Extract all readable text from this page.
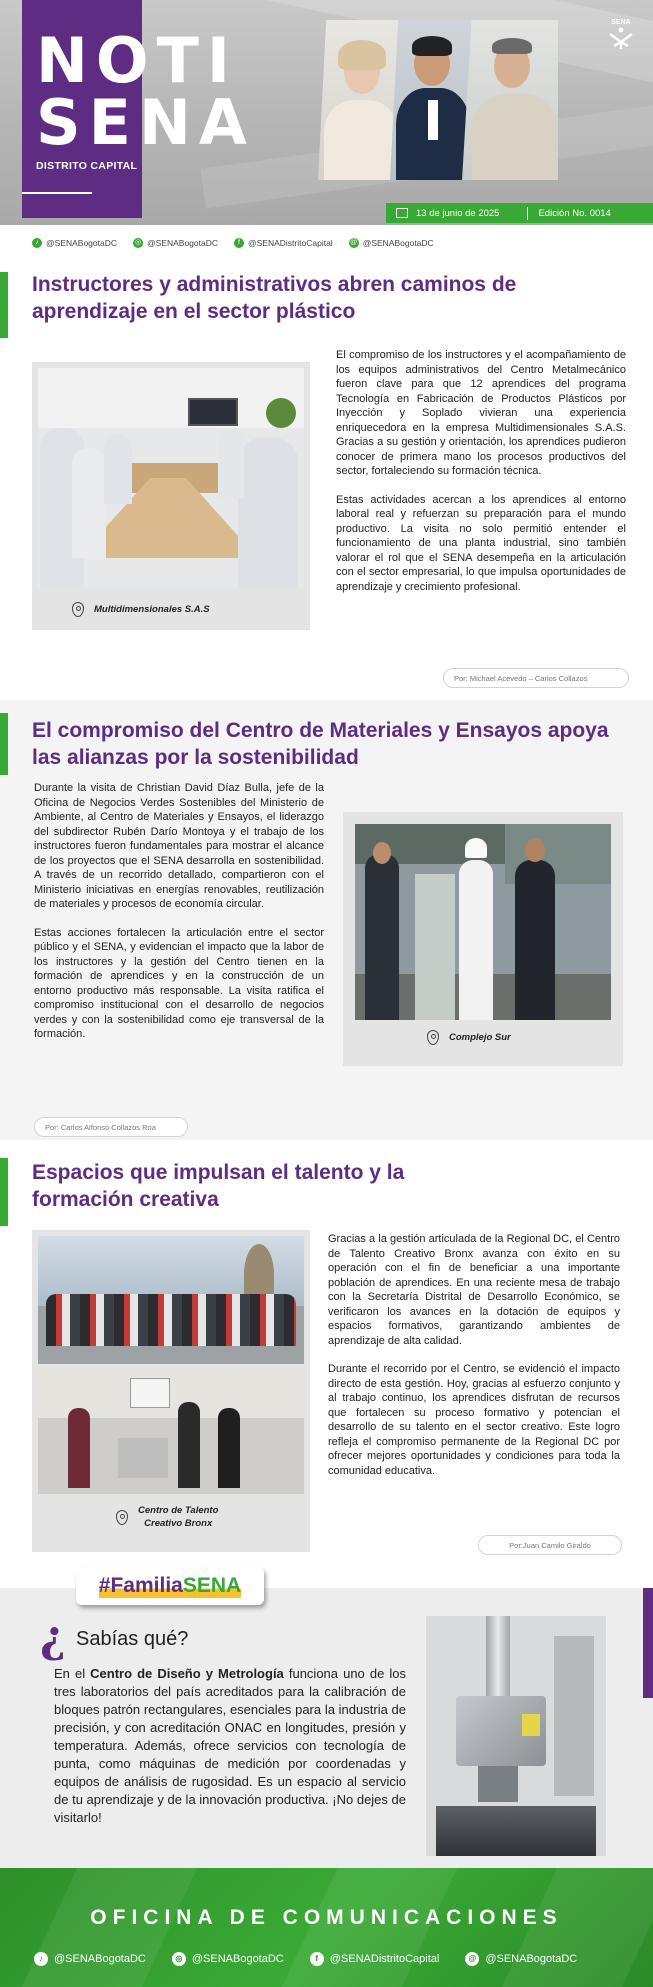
NOTI
SENA
DISTRITO CAPITAL
SENA
13 de junio de 2025	Edición No. 0014
♪ @SENABogotaDC	◎ @SENABogotaDC	f @SENADistritoCapital @ @SENABogotaDC
Instructores y administrativos abren caminos de aprendizaje en el sector plástico
Multidimensionales S.A.S

El compromiso de los instructores y el acompañamiento de los equipos administrativos del Centro Metalmecánico fueron clave para que 12 aprendices del programa Tecnología en Fabricación de Productos Plásticos por Inyección y Soplado vivieran una experiencia enriquecedora en la empresa Multidimensionales S.A.S. Gracias a su gestión y orientación, los aprendices pudieron conocer de primera mano los procesos productivos del sector, fortaleciendo su formación técnica.

Estas actividades acercan a los aprendices al entorno laboral real y refuerzan su preparación para el mundo productivo. La visita no solo permitió entender el funcionamiento de una planta industrial, sino también valorar el rol que el SENA desempeña en la articulación con el sector empresarial, lo que impulsa oportunidades de aprendizaje y crecimiento profesional.

Por: Michael Acevedo – Carlos Collazos
El compromiso del Centro de Materiales y Ensayos apoya las alianzas por la sostenibilidad

Durante la visita de Christian David Díaz Bulla, jefe de la Oficina de Negocios Verdes Sostenibles del Ministerio de Ambiente, al Centro de Materiales y Ensayos, el liderazgo del subdirector Rubén Darío Montoya y el trabajo de los instructores fueron fundamentales para mostrar el alcance de los proyectos que el SENA desarrolla en sostenibilidad. A través de un recorrido detallado, compartieron con el Ministerio iniciativas en energías renovables, reutilización de materiales y procesos de economía circular.

Estas acciones fortalecen la articulación entre el sector público y el SENA, y evidencian el impacto que la labor de los instructores y la gestión del Centro tienen en la formación de aprendices y en la construcción de un entorno productivo más responsable. La visita ratifica el compromiso institucional con el desarrollo de negocios verdes y con la sostenibilidad como eje transversal de la formación.

Por: Carlos Alfonso Collazos Roa
Complejo Sur
Espacios que impulsan el talento y la formación creativa
Centro de Talento
Creativo Bronx

Gracias a la gestión articulada de la Regional DC, el Centro de Talento Creativo Bronx avanza con éxito en su operación con el fin de beneficiar a una importante población de aprendices. En una reciente mesa de trabajo con la Secretaría Distrital de Desarrollo Económico, se verificaron los avances en la dotación de equipos y espacios formativos, garantizando ambientes de aprendizaje de alta calidad.

Durante el recorrido por el Centro, se evidenció el impacto directo de esta gestión. Hoy, gracias al esfuerzo conjunto y al trabajo continuo, los aprendices disfrutan de recursos que fortalecen su proceso formativo y potencian el desarrollo de su talento en el sector creativo. Este logro refleja el compromiso permanente de la Regional DC por ofrecer mejores oportunidades y condiciones para toda la comunidad educativa.

Por:Juan Camilo Giraldo
#Familia SENA
¿ Sabías qué?
En el Centro de Diseño y Metrología funciona uno de los tres laboratorios del país acreditados para la calibración de bloques patrón rectangulares, esenciales para la industria de precisión, y con acreditación ONAC en longitudes, presión y temperatura. Además, ofrece servicios con tecnología de punta, como máquinas de medición por coordenadas y equipos de análisis de rugosidad. Es un espacio al servicio de tu aprendizaje y de la innovación productiva. ¡No dejes de visitarlo!
OFICINA DE COMUNICACIONES
♪	@SENABogotaDC	◎ @SENABogotaDC	f	@SENADistritoCapital	@ @SENABogotaDC
